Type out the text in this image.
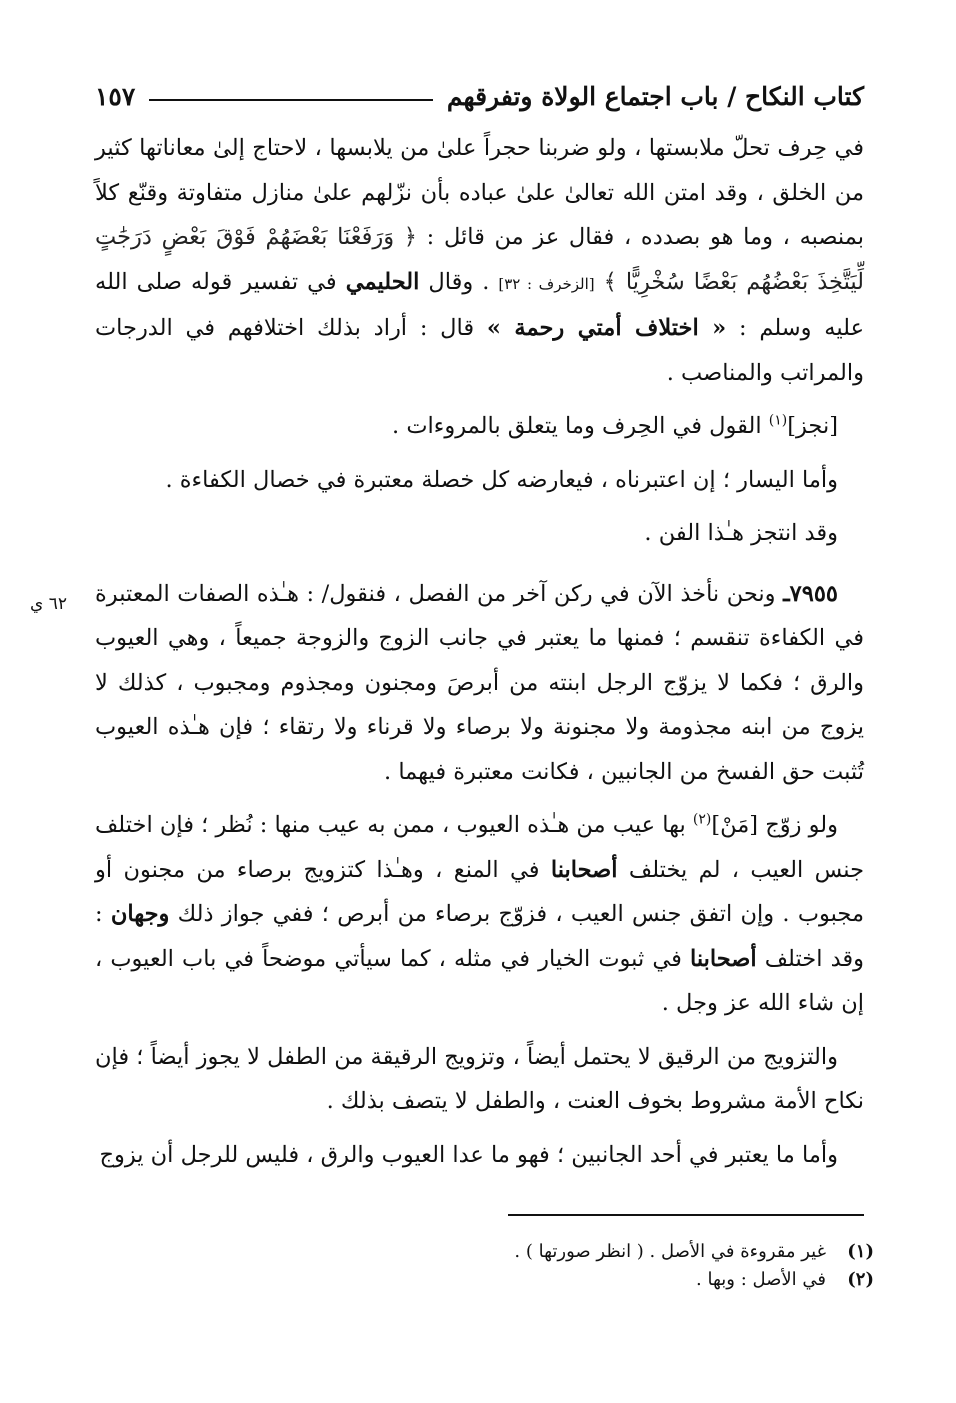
كتاب النكاح / باب اجتماع الولاة وتفرقهم
١٥٧

في حِرف تحلّ ملابستها ، ولو ضربنا حجراً علىٰ من يلابسها ، لاحتاج إلىٰ معاناتها كثير من الخلق ، وقد امتن الله تعالىٰ علىٰ عباده بأن نزّلهم علىٰ منازل متفاوتة وقنّع كلاً بمنصبه ، وما هو بصدده ، فقال عز من قائل : ﴿ وَرَفَعْنَا بَعْضَهُمْ فَوْقَ بَعْضٍ دَرَجَٰتٍ لِّيَتَّخِذَ بَعْضُهُم بَعْضًا سُخْرِيًّا ﴾ [الزخرف : ٣٢] . وقال الحليمي في تفسير قوله صلى الله عليه وسلم : « اختلاف أمتي رحمة » قال : أراد بذلك اختلافهم في الدرجات والمراتب والمناصب .

[نجز]$^{(١)}$ القول في الحِرف وما يتعلق بالمروءات .

وأما اليسار ؛ إن اعتبرناه ، فيعارضه كل خصلة معتبرة في خصال الكفاءة .

وقد انتجز هـٰذا الفن .

٧٩٥٥ـ ونحن نأخذ الآن في ركن آخر من الفصل ، فنقول/ : هـٰذه الصفات المعتبرة في الكفاءة تنقسم ؛ فمنها ما يعتبر في جانب الزوج والزوجة جميعاً ، وهي العيوب والرق ؛ فكما لا يزوّج الرجل ابنته من أبرصَ ومجنون ومجذوم ومجبوب ، كذلك لا يزوج من ابنه مجذومة ولا مجنونة ولا برصاء ولا قرناء ولا رتقاء ؛ فإن هـٰذه العيوب تُثبت حق الفسخ من الجانبين ، فكانت معتبرة فيهما .

ولو زوّج [مَنْ]$^{(٢)}$ بها عيب من هـٰذه العيوب ، ممن به عيب منها : نُظر ؛ فإن اختلف جنس العيب ، لم يختلف أصحابنا في المنع ، وهـٰذا كتزويج برصاء من مجنون أو مجبوب . وإن اتفق جنس العيب ، فزوّج برصاء من أبرص ؛ ففي جواز ذلك وجهان : وقد اختلف أصحابنا في ثبوت الخيار في مثله ، كما سيأتي موضحاً في باب العيوب ، إن شاء الله عز وجل .

والتزويج من الرقيق لا يحتمل أيضاً ، وتزويج الرقيقة من الطفل لا يجوز أيضاً ؛ فإن نكاح الأمة مشروط بخوف العنت ، والطفل لا يتصف بذلك .

وأما ما يعتبر في أحد الجانبين ؛ فهو ما عدا العيوب والرق ، فليس للرجل أن يزوج

٦٢ ي
(١)
غير مقروءة في الأصل . ( انظر صورتها ) .
(٢)
في الأصل : وبها .
